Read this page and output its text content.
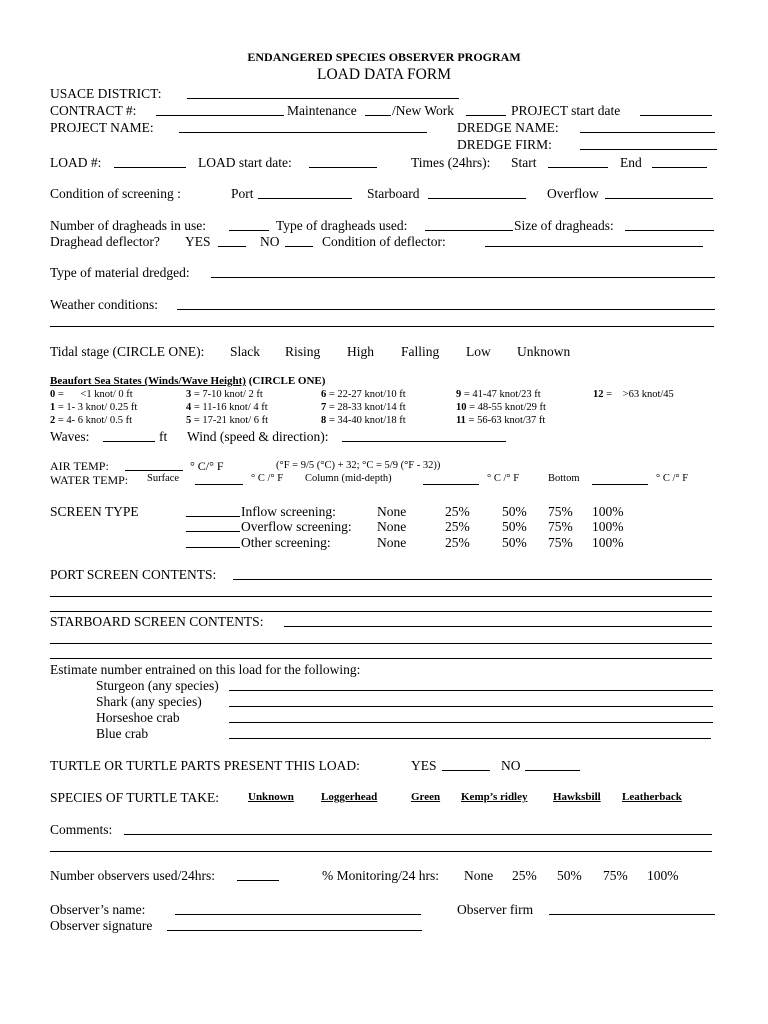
ENDANGERED SPECIES OBSERVER PROGRAM
LOAD DATA FORM
USACE DISTRICT:
CONTRACT #:	Maintenance	/New Work	PROJECT start date
PROJECT NAME:	DREDGE NAME:
DREDGE FIRM:
LOAD #:	LOAD start date:	Times (24hrs): Start	End
Condition of screening :	Port	Starboard	Overflow
Number of dragheads in use:	Type of dragheads used:	Size of dragheads:
Draghead deflector? YES	NO	Condition of deflector:
Type of material dredged:
Weather conditions:
Tidal stage (CIRCLE ONE): Slack Rising High Falling Low Unknown
Beaufort Sea States (Winds/Wave Height) (CIRCLE ONE)
0 = <1 knot/ 0 ft
1 = 1- 3 knot/ 0.25 ft
2 = 4- 6 knot/ 0.5 ft
3 = 7-10 knot/ 2 ft
4 = 11-16 knot/ 4 ft
5 = 17-21 knot/ 6 ft
6 = 22-27 knot/10 ft
7 = 28-33 knot/14 ft
8 = 34-40 knot/18 ft
9 = 41-47 knot/23 ft
10 = 48-55 knot/29 ft
11 = 56-63 knot/37 ft
12 = >63 knot/45
Waves:	ft Wind (speed & direction):
AIR TEMP:	° C/° F	(°F = 9/5 (°C) + 32; °C = 5/9 (°F - 32))
WATER TEMP: Surface	° C /° F Column (mid-depth)	° C /° F	Bottom	° C /° F
SCREEN TYPE	Inflow screening:	None	25% 50% 75% 100%
Overflow screening: None	25% 50% 75% 100%
Other screening:	None	25% 50% 75% 100%
PORT SCREEN CONTENTS:
STARBOARD SCREEN CONTENTS:
Estimate number entrained on this load for the following:
Sturgeon (any species)
Shark (any species)
Horseshoe crab
Blue crab
TURTLE OR TURTLE PARTS PRESENT THIS LOAD:	YES	NO
SPECIES OF TURTLE TAKE:	Unknown Loggerhead	Green Kemp’s ridley Hawksbill Leatherback
Comments:
Number observers used/24hrs:	% Monitoring/24 hrs: None 25% 50% 75% 100%
Observer’s name:	Observer firm
Observer signature
